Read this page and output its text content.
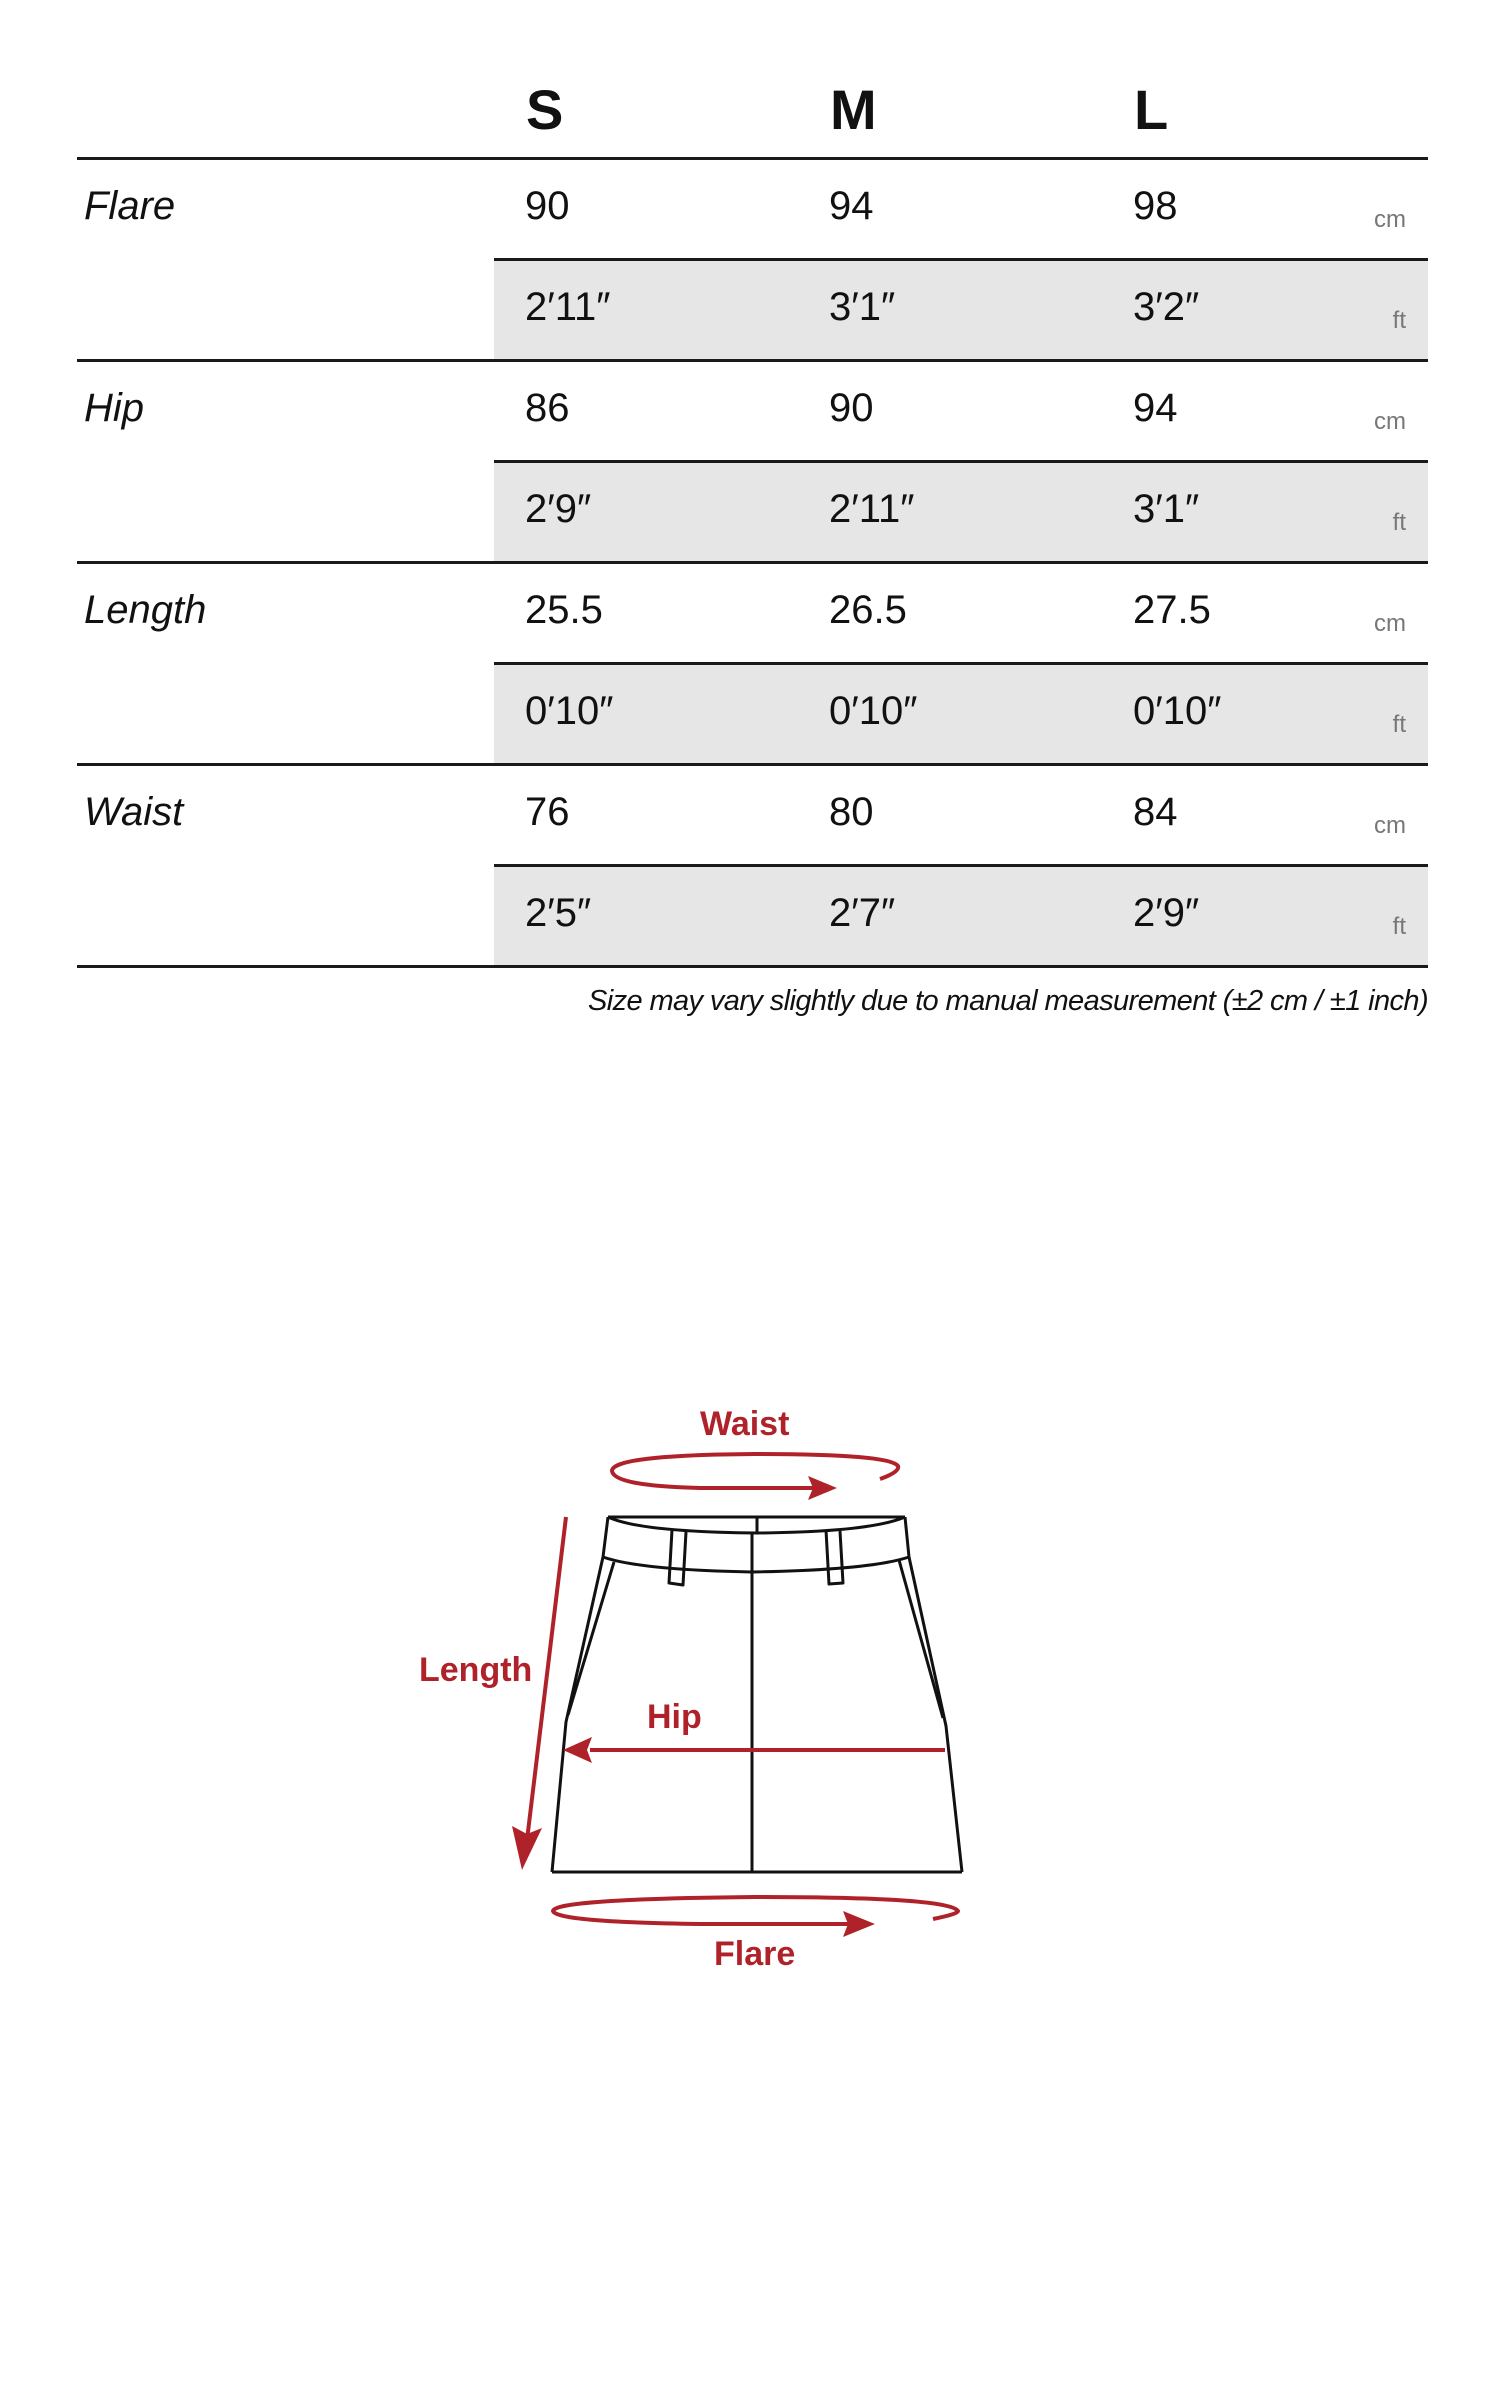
S	M	L
Flare	90	94	98	cm
2′11″	3′1″	3′2″	ft
Hip	86	90	94	cm
2′9″	2′11″	3′1″	ft
Length	25.5	26.5	27.5	cm
0′10″	0′10″	0′10″	ft
Waist	76	80	84	cm
2′5″	2′7″	2′9″	ft
Size may vary slightly due to manual measurement (±2 cm / ±1 inch)
Waist
Length
Hip
Flare
